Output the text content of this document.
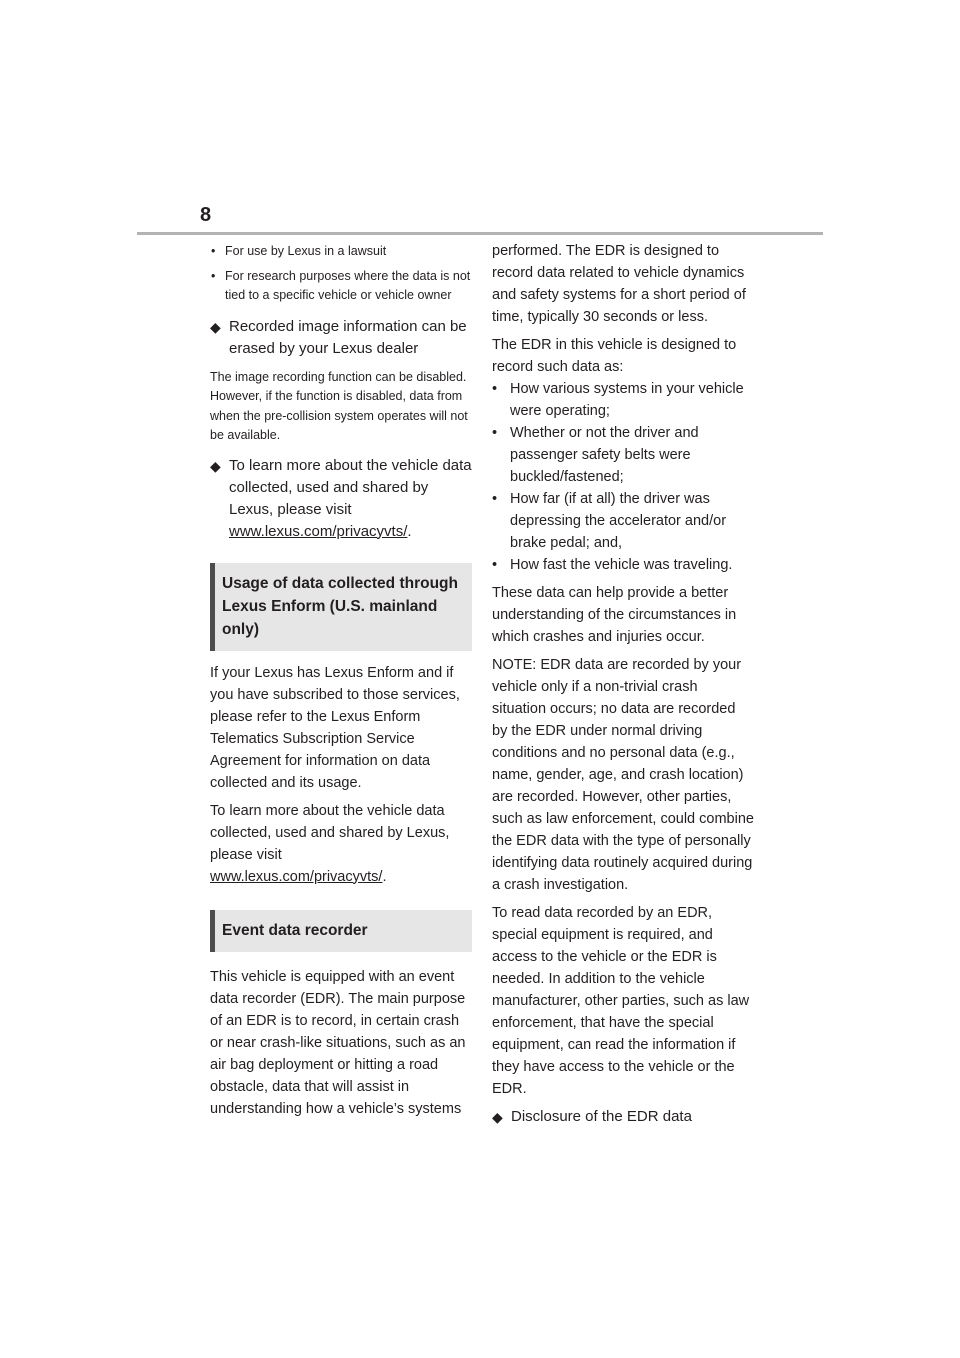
8
• For use by Lexus in a lawsuit
• For research purposes where the data is not tied to a specific vehicle or vehicle owner
◆ Recorded image information can be erased by your Lexus dealer

The image recording function can be disabled. However, if the function is disabled, data from when the pre-collision system operates will not be available.

◆ To learn more about the vehicle data collected, used and shared by Lexus, please visit
www.lexus.com/privacyvts/.
Usage of data collected through Lexus Enform (U.S. mainland only)

If your Lexus has Lexus Enform and if you have subscribed to those services, please refer to the Lexus Enform Telematics Subscription Service Agreement for information on data collected and its usage.

To learn more about the vehicle data collected, used and shared by Lexus, please visit
www.lexus.com/privacyvts/.

Event data recorder

This vehicle is equipped with an event data recorder (EDR). The main purpose of an EDR is to record, in certain crash or near crash-like situations, such as an air bag deployment or hitting a road obstacle, data that will assist in understanding how a vehicle’s systems

performed. The EDR is designed to record data related to vehicle dynamics and safety systems for a short period of time, typically 30 seconds or less.

The EDR in this vehicle is designed to record such data as:

• How various systems in your vehicle were operating;
• Whether or not the driver and passenger safety belts were buckled/fastened;
• How far (if at all) the driver was depressing the accelerator and/or brake pedal; and,
• How fast the vehicle was traveling.

These data can help provide a better understanding of the circumstances in which crashes and injuries occur.

NOTE: EDR data are recorded by your vehicle only if a non-trivial crash situation occurs; no data are recorded by the EDR under normal driving conditions and no personal data (e.g., name, gender, age, and crash location) are recorded. However, other parties, such as law enforcement, could combine the EDR data with the type of personally identifying data routinely acquired during a crash investigation.

To read data recorded by an EDR, special equipment is required, and access to the vehicle or the EDR is needed. In addition to the vehicle manufacturer, other parties, such as law enforcement, that have the special equipment, can read the information if they have access to the vehicle or the EDR.

◆ Disclosure of the EDR data
